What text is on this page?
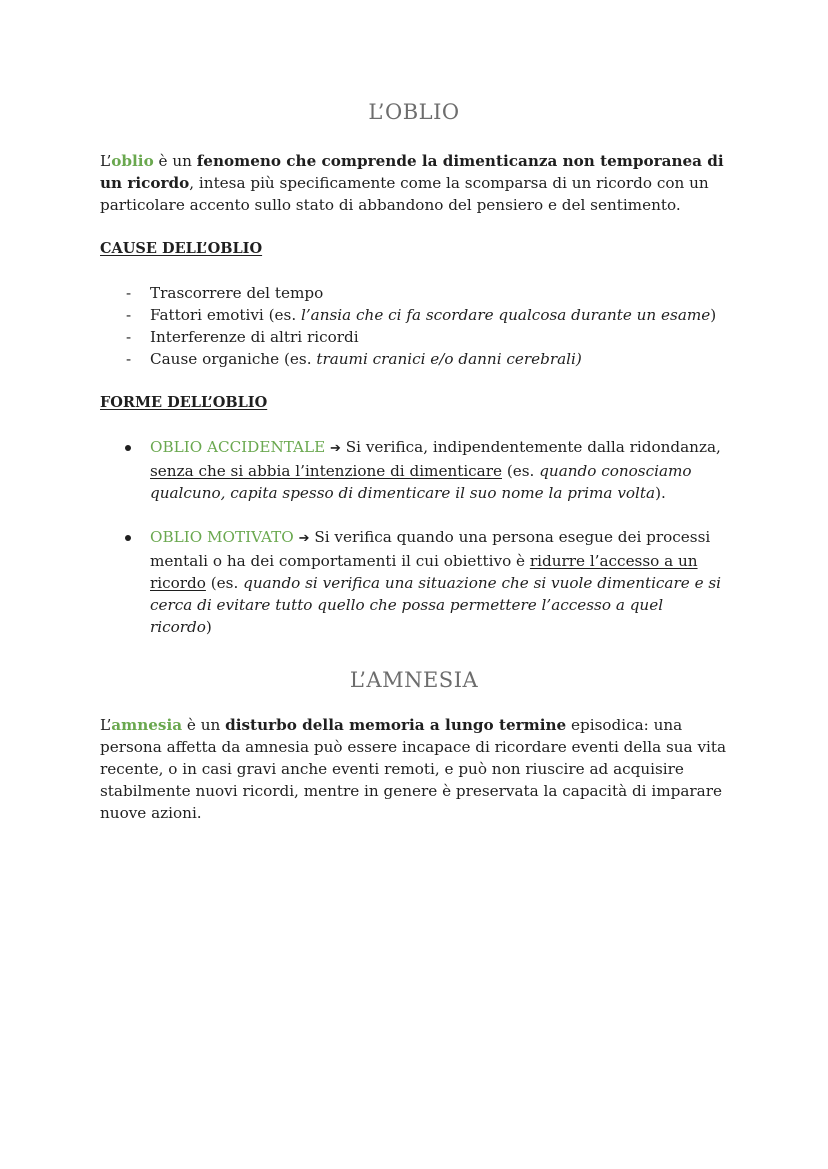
L’OBLIO

L’oblio è un fenomeno che comprende la dimenticanza non temporanea di un ricordo, intesa più specificamente come la scomparsa di un ricordo con un particolare accento sullo stato di abbandono del pensiero e del sentimento.

CAUSE DELL’OBLIO
- Trascorrere del tempo
- Fattori emotivi (es. l’ansia che ci fa scordare qualcosa durante un esame)
- Interferenze di altri ricordi
- Cause organiche (es. traumi cranici e/o danni cerebrali)
FORME DELL’OBLIO
OBLIO ACCIDENTALE ➔ Si verifica, indipendentemente dalla ridondanza, senza che si abbia l’intenzione di dimenticare (es. quando conosciamo qualcuno, capita spesso di dimenticare il suo nome la prima volta).
OBLIO MOTIVATO ➔ Si verifica quando una persona esegue dei processi mentali o ha dei comportamenti il cui obiettivo è ridurre l’accesso a un ricordo (es. quando si verifica una situazione che si vuole dimenticare e si cerca di evitare tutto quello che possa permettere l’accesso a quel ricordo)
L’AMNESIA

L’amnesia è un disturbo della memoria a lungo termine episodica: una persona affetta da amnesia può essere incapace di ricordare eventi della sua vita recente, o in casi gravi anche eventi remoti, e può non riuscire ad acquisire stabilmente nuovi ricordi, mentre in genere è preservata la capacità di imparare nuove azioni.
